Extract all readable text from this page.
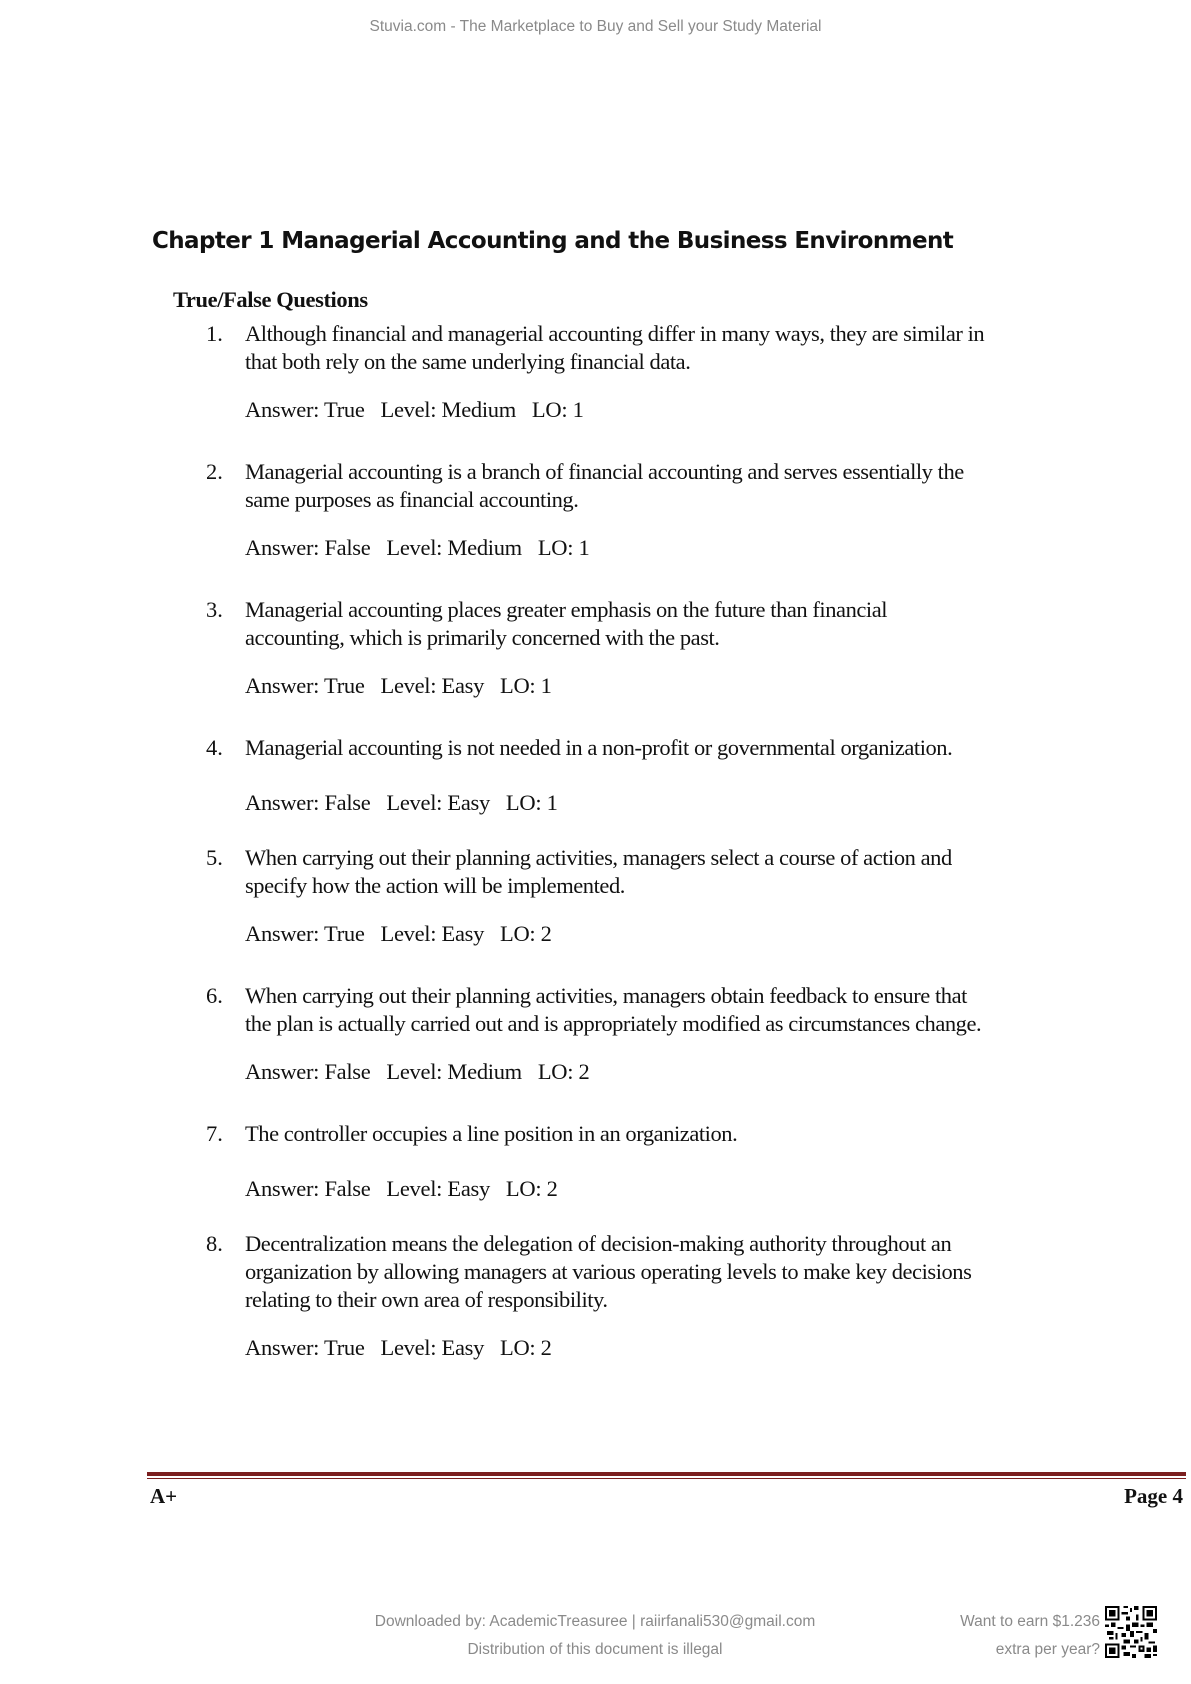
Stuvia.com - The Marketplace to Buy and Sell your Study Material
Chapter 1 Managerial Accounting and the Business Environment
True/False Questions
1. Although financial and managerial accounting differ in many ways, they are similar in
that both rely on the same underlying financial data.
Answer: True   Level: Medium   LO: 1
2. Managerial accounting is a branch of financial accounting and serves essentially the
same purposes as financial accounting.
Answer: False   Level: Medium   LO: 1
3. Managerial accounting places greater emphasis on the future than financial
accounting, which is primarily concerned with the past.
Answer: True   Level: Easy   LO: 1
4. Managerial accounting is not needed in a non-profit or governmental organization.
Answer: False   Level: Easy   LO: 1
5. When carrying out their planning activities, managers select a course of action and
specify how the action will be implemented.
Answer: True   Level: Easy   LO: 2
6. When carrying out their planning activities, managers obtain feedback to ensure that
the plan is actually carried out and is appropriately modified as circumstances change.
Answer: False   Level: Medium   LO: 2
7. The controller occupies a line position in an organization.
Answer: False   Level: Easy   LO: 2
8. Decentralization means the delegation of decision-making authority throughout an
organization by allowing managers at various operating levels to make key decisions
relating to their own area of responsibility.
Answer: True   Level: Easy   LO: 2
A+	Page 4
Downloaded by: AcademicTreasuree | raiirfanali530@gmail.com
Distribution of this document is illegal
Want to earn $1.236
extra per year?
